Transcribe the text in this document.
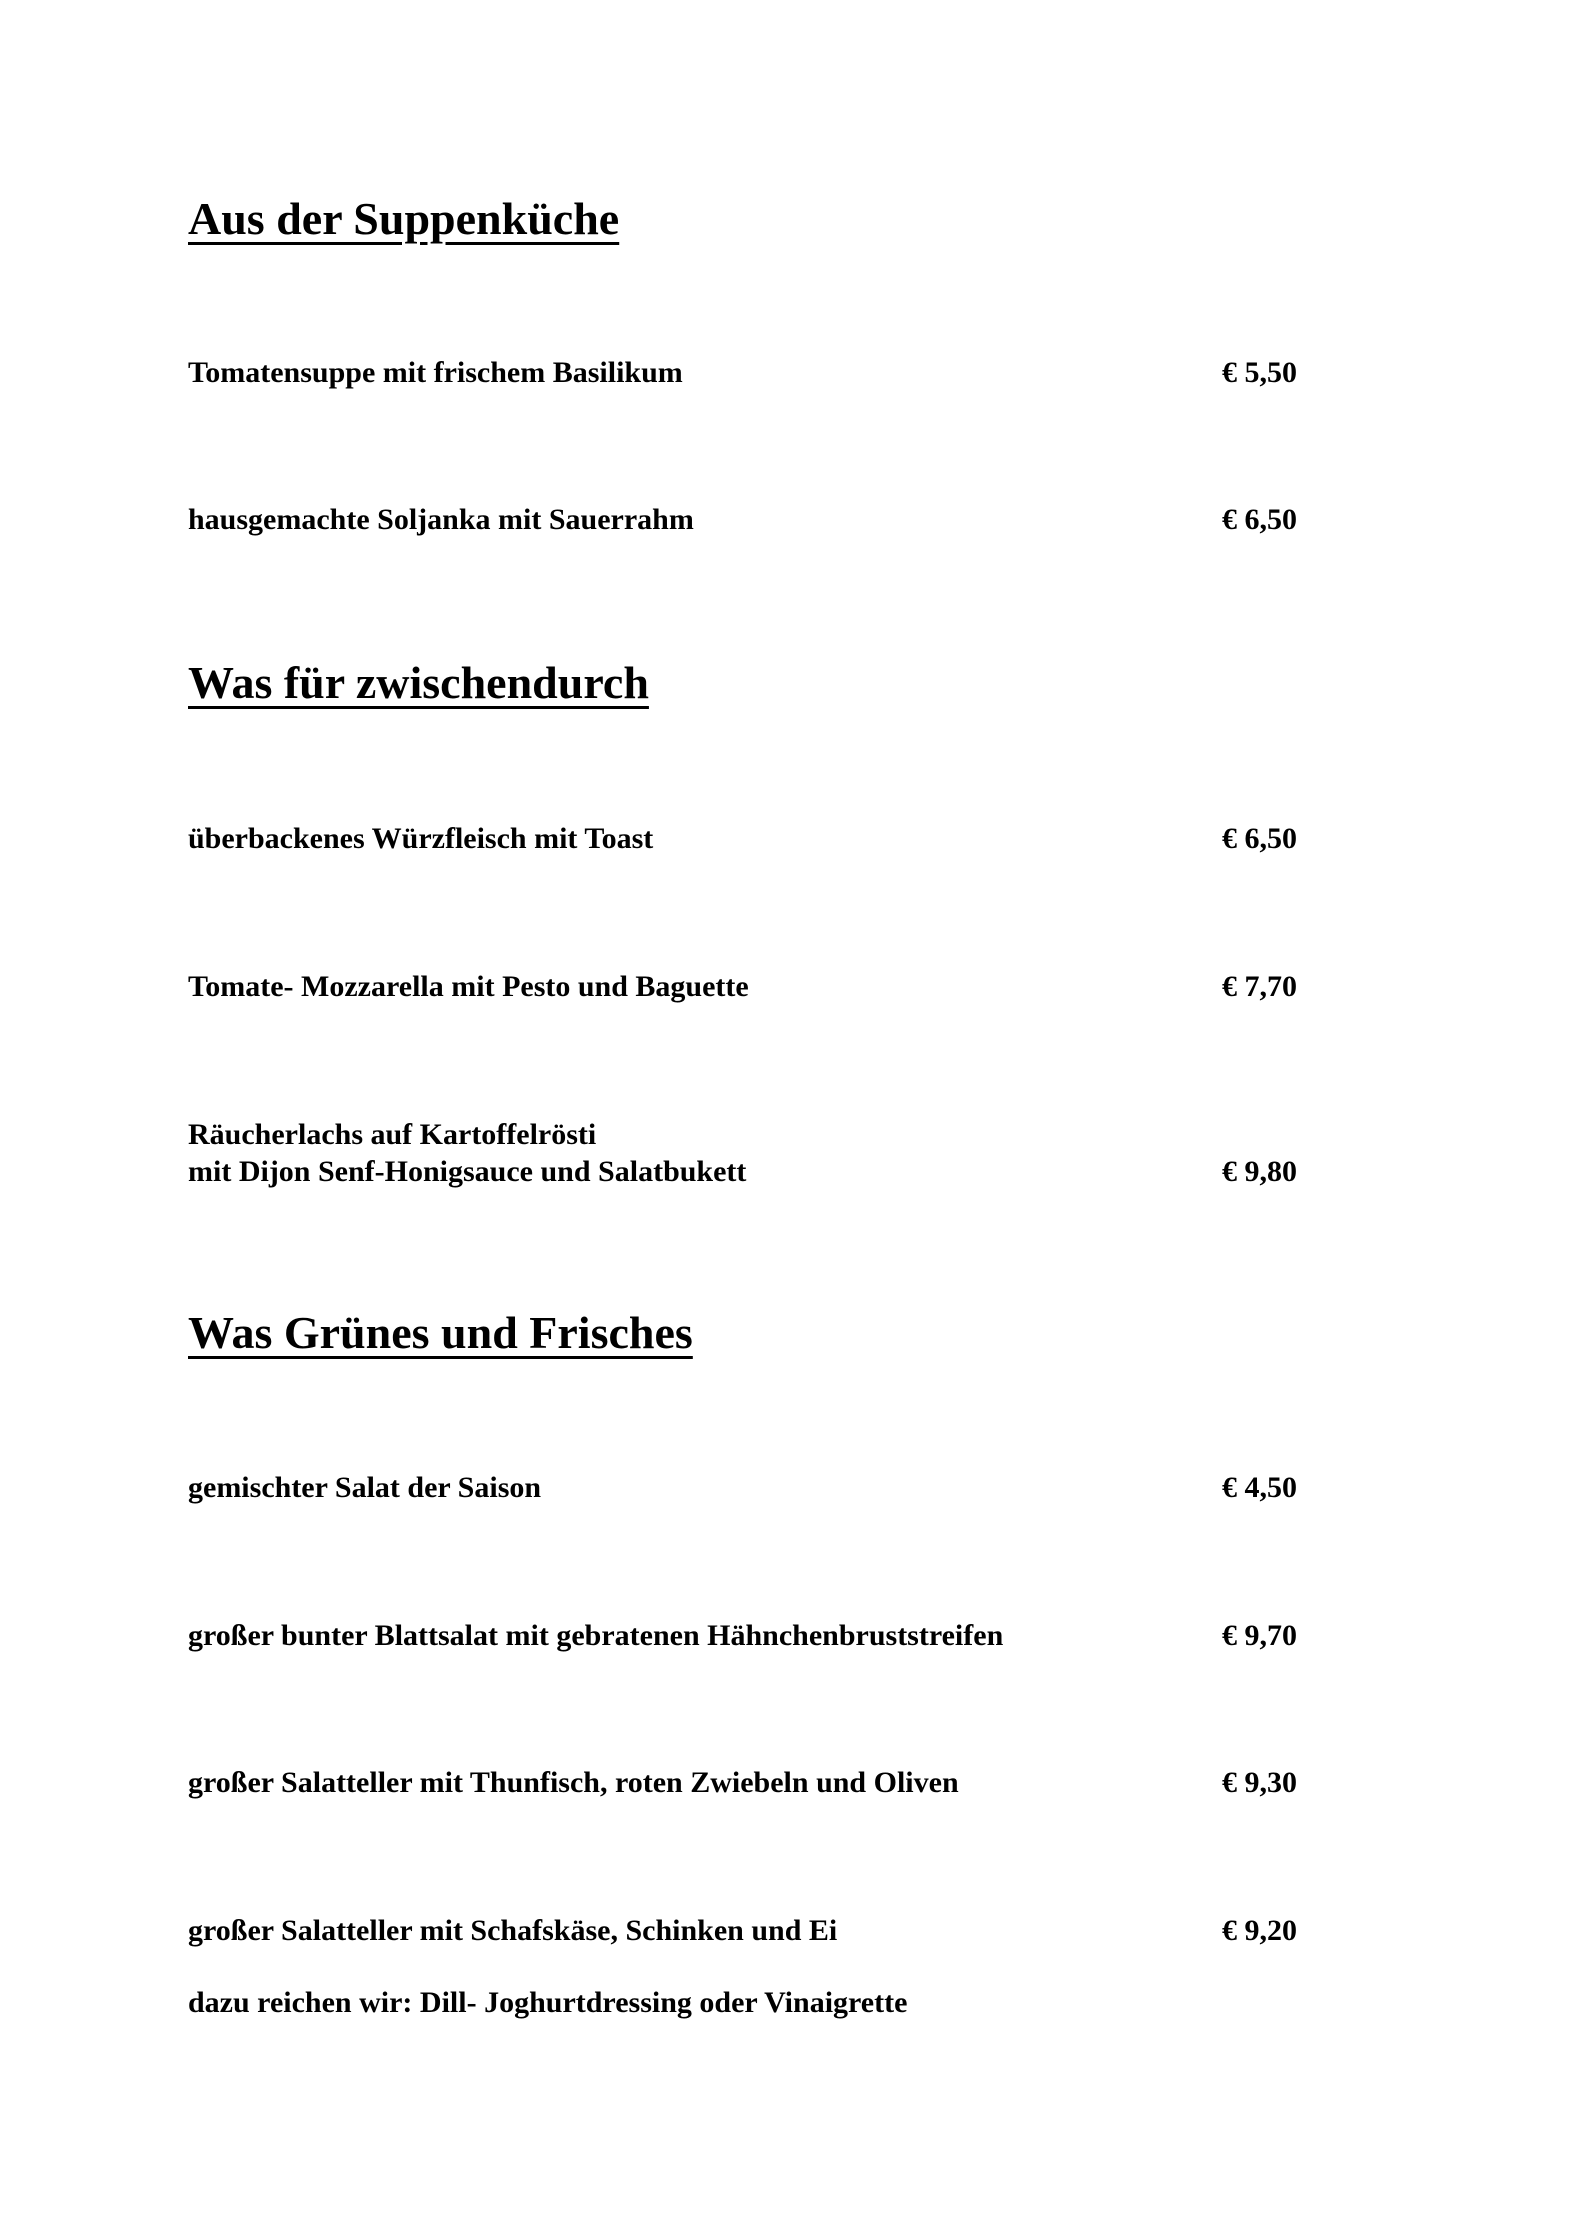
Aus der Suppenküche
Tomatensuppe mit frischem Basilikum	€ 5,50
hausgemachte Soljanka mit Sauerrahm	€ 6,50
Was für zwischendurch
überbackenes Würzfleisch mit Toast	€ 6,50
Tomate- Mozzarella mit Pesto und Baguette	€ 7,70
Räucherlachs auf Kartoffelrösti
mit Dijon Senf-Honigsauce und Salatbukett	€ 9,80
Was Grünes und Frisches
gemischter Salat der Saison	€ 4,50
großer bunter Blattsalat mit gebratenen Hähnchenbruststreifen	€ 9,70
großer Salatteller mit Thunfisch, roten Zwiebeln und Oliven	€ 9,30
großer Salatteller mit Schafskäse, Schinken und Ei	€ 9,20
dazu reichen wir: Dill- Joghurtdressing oder Vinaigrette
